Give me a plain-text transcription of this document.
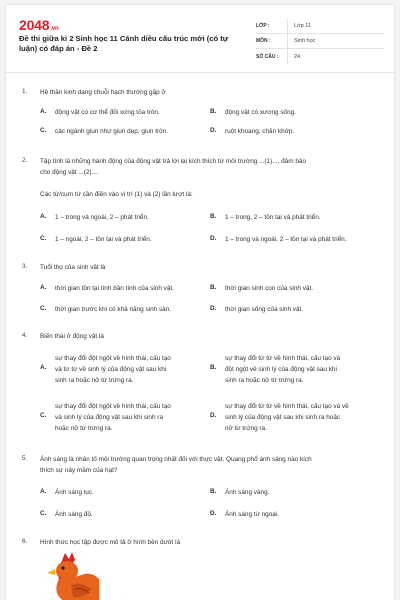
2048.vn
Đề thi giữa kì 2 Sinh học 11 Cánh diều cấu trúc mới (có tự luận) có đáp án - Đề 2
LỚP :	Lớp 11
MÔN :	Sinh học
SỐ CÂU :	24
1. Hệ thần kinh dạng chuỗi hạch thường gặp ở
A. động vật có cơ thể đối xứng tỏa tròn.	B. động vật có xương sống.
C. các ngành giun như giun dẹp, giun tròn.	D. ruột khoang, chân khớp.
2. Tập tính là những hành động của động vật trả lời lại kích thích từ môi trường ...(1)..., đảm bảo
cho động vật ...(2)....
Các từ/cụm từ cần điền vào vị trí (1) và (2) lần lượt là:
A. 1 – trong và ngoài, 2 – phát triển.	B. 1 – trong, 2 – tồn tại và phát triển.
C. 1 – ngoài, 2 – tồn tại và phát triển.	D. 1 – trong và ngoài, 2 – tồn tại và phát triển.
3. Tuổi thọ của sinh vật là
A. thời gian tồn tại tính bản tính của sinh vật.	B. thời gian sinh con của sinh vật.
C. thời gian trước khi có khả năng sinh sản.	D. thời gian sống của sinh vật.
4. Biến thái ở động vật là
A.
sự thay đổi đột ngột về hình thái, cấu tạo
và từ từ về sinh lý của động vật sau khi
sinh ra hoặc nở từ trứng ra.
B.
sự thay đổi từ từ về hình thái, cấu tạo và
đột ngột về sinh lý của động vật sau khi
sinh ra hoặc nở từ trứng ra.
C.
sự thay đổi đột ngột về hình thái, cấu tạo
và sinh lý của động vật sau khi sinh ra
hoặc nở từ trứng ra.
D.
sự thay đổi từ từ về hình thái, cấu tạo và về
sinh lý của động vật sau khi sinh ra hoặc
nở từ trứng ra.
5. Ánh sáng là nhân tố môi trường quan trọng nhất đối với thực vật. Quang phổ ánh sáng nào kích
thích sự nảy mầm của hạt?
A. Ánh sáng lục.	B. Ánh sáng vàng.
C. Ánh sáng đỏ.	D. Ánh sáng từ ngoại.
6. Hình thức học tập được mô tả ở hình bên dưới là
